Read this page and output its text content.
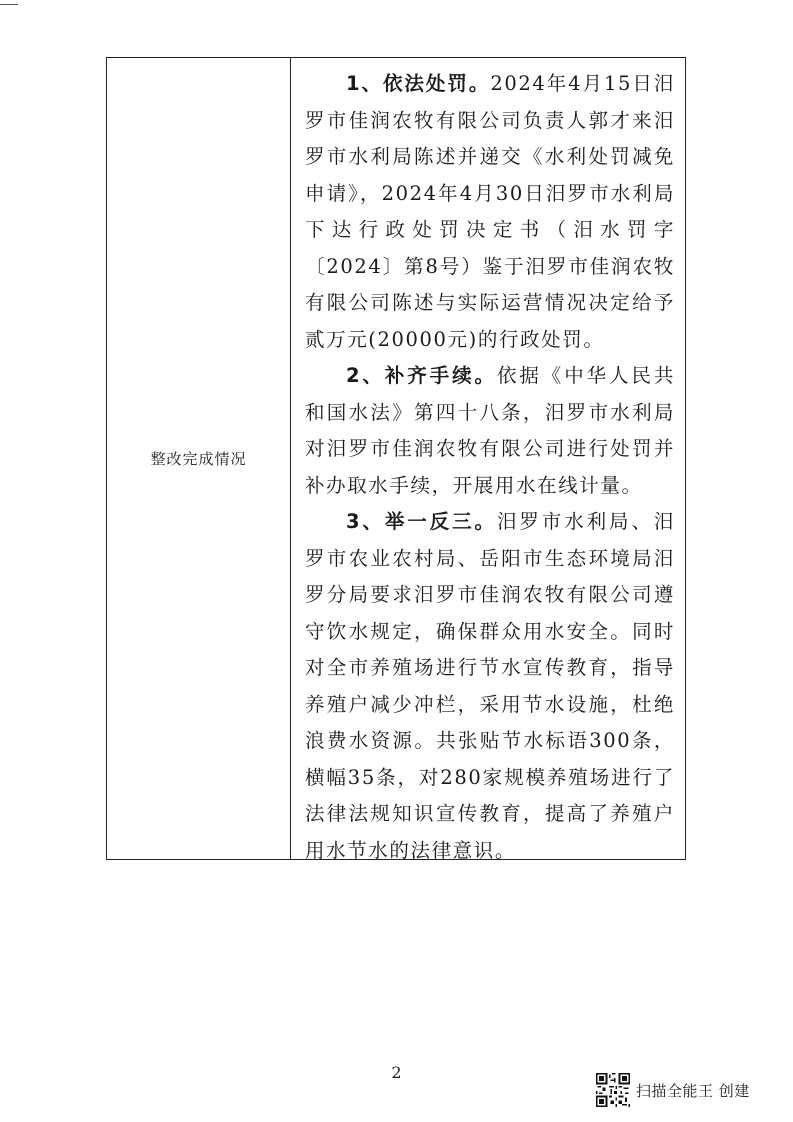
整改完成情况

1、依法处罚。2024年4月15日汨罗市佳润农牧有限公司负责人郭才来汨罗市水利局陈述并递交《水利处罚减免申请》，2024年4月30日汨罗市水利局下达行政处罚决定书（汨水罚字〔2024〕第8号）鉴于汨罗市佳润农牧有限公司陈述与实际运营情况决定给予贰万元(20000元)的行政处罚。

2、补齐手续。依据《中华人民共和国水法》第四十八条，汨罗市水利局对汨罗市佳润农牧有限公司进行处罚并补办取水手续，开展用水在线计量。

3、举一反三。汨罗市水利局、汨罗市农业农村局、岳阳市生态环境局汨罗分局要求汨罗市佳润农牧有限公司遵守饮水规定，确保群众用水安全。同时对全市养殖场进行节水宣传教育，指导养殖户减少冲栏，采用节水设施，杜绝浪费水资源。共张贴节水标语300条，横幅35条，对280家规模养殖场进行了法律法规知识宣传教育，提高了养殖户用水节水的法律意识。

2
扫描全能王 创建
